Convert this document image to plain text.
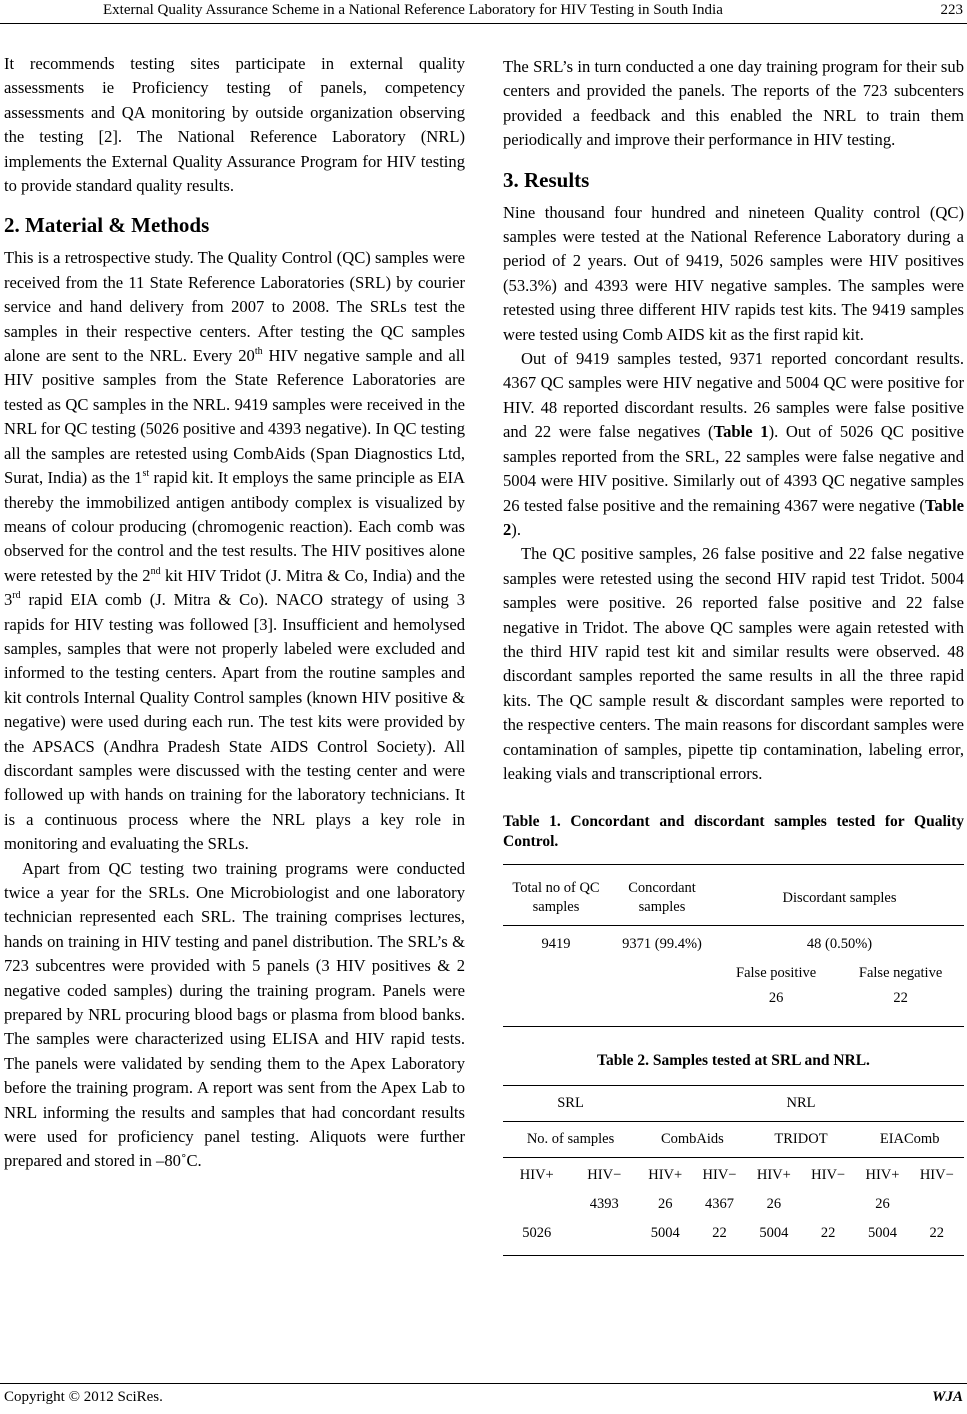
External Quality Assurance Scheme in a National Reference Laboratory for HIV Testing in South India	223

It recommends testing sites participate in external quality assessments ie Proficiency testing of panels, competency assessments and QA monitoring by outside organization observing the testing [2]. The National Reference Laboratory (NRL) implements the External Quality Assurance Program for HIV testing to provide standard quality results.

2. Material & Methods

This is a retrospective study. The Quality Control (QC) samples were received from the 11 State Reference Laboratories (SRL) by courier service and hand delivery from 2007 to 2008. The SRLs test the samples in their respective centers. After testing the QC samples alone are sent to the NRL. Every 20th HIV negative sample and all HIV positive samples from the State Reference Laboratories are tested as QC samples in the NRL. 9419 samples were received in the NRL for QC testing (5026 positive and 4393 negative). In QC testing all the samples are retested using CombAids (Span Diagnostics Ltd, Surat, India) as the 1st rapid kit. It employs the same principle as EIA thereby the immobilized antigen antibody complex is visualized by means of colour producing (chromogenic reaction). Each comb was observed for the control and the test results. The HIV positives alone were retested by the 2nd kit HIV Tridot (J. Mitra & Co, India) and the 3rd rapid EIA comb (J. Mitra & Co). NACO strategy of using 3 rapids for HIV testing was followed [3]. Insufficient and hemolysed samples, samples that were not properly labeled were excluded and informed to the testing centers. Apart from the routine samples and kit controls Internal Quality Control samples (known HIV positive & negative) were used during each run. The test kits were provided by the APSACS (Andhra Pradesh State AIDS Control Society). All discordant samples were discussed with the testing center and were followed up with hands on training for the laboratory technicians. It is a continuous process where the NRL plays a key role in monitoring and evaluating the SRLs.

Apart from QC testing two training programs were conducted twice a year for the SRLs. One Microbiologist and one laboratory technician represented each SRL. The training comprises lectures, hands on training in HIV testing and panel distribution. The SRL’s & 723 subcentres were provided with 5 panels (3 HIV positives & 2 negative coded samples) during the training program. Panels were prepared by NRL procuring blood bags or plasma from blood banks. The samples were characterized using ELISA and HIV rapid tests. The panels were validated by sending them to the Apex Laboratory before the training program. A report was sent from the Apex Lab to NRL informing the results and samples that had concordant results were used for proficiency panel testing. Aliquots were further prepared and stored in –80˚C.

The SRL’s in turn conducted a one day training program for their sub centers and provided the panels. The reports of the 723 subcenters provided a feedback and this enabled the NRL to train them periodically and improve their performance in HIV testing.

3. Results

Nine thousand four hundred and nineteen Quality control (QC) samples were tested at the National Reference Laboratory during a period of 2 years. Out of 9419, 5026 samples were HIV positives (53.3%) and 4393 were HIV negative samples. The samples were retested using three different HIV rapids test kits. The 9419 samples were tested using Comb AIDS kit as the first rapid kit.

Out of 9419 samples tested, 9371 reported concordant results. 4367 QC samples were HIV negative and 5004 QC were positive for HIV. 48 reported discordant results. 26 samples were false positive and 22 were false negatives (Table 1). Out of 5026 QC positive samples reported from the SRL, 22 samples were false negative and 5004 were HIV positive. Similarly out of 4393 QC negative samples 26 tested false positive and the remaining 4367 were negative (Table 2).

The QC positive samples, 26 false positive and 22 false negative samples were retested using the second HIV rapid test Tridot. 5004 samples were positive. 26 reported false positive and 22 false negative in Tridot. The above QC samples were again retested with the third HIV rapid test kit and similar results were observed. 48 discordant samples reported the same results in all the three rapid kits. The QC sample result & discordant samples were reported to the respective centers. The main reasons for discordant samples were contamination of samples, pipette tip contamination, labeling error, leaking vials and transcriptional errors.

Table 1. Concordant and discordant samples tested for Quality Control.
Total no of QC samples	Concordant samples	Discordant samples	
9419	9371 (99.4%)	48 (0.50%)	
		False positive	False negative
		26	22
Table 2. Samples tested at SRL and NRL.
SRL		NRL					
No. of samples		CombAids		TRIDOT		EIAComb	
HIV+	HIV−	HIV+	HIV−	HIV+	HIV−	HIV+	HIV−
	4393	26	4367	26		26	
5026		5004	22	5004	22	5004	22
Copyright © 2012 SciRes.	WJA
